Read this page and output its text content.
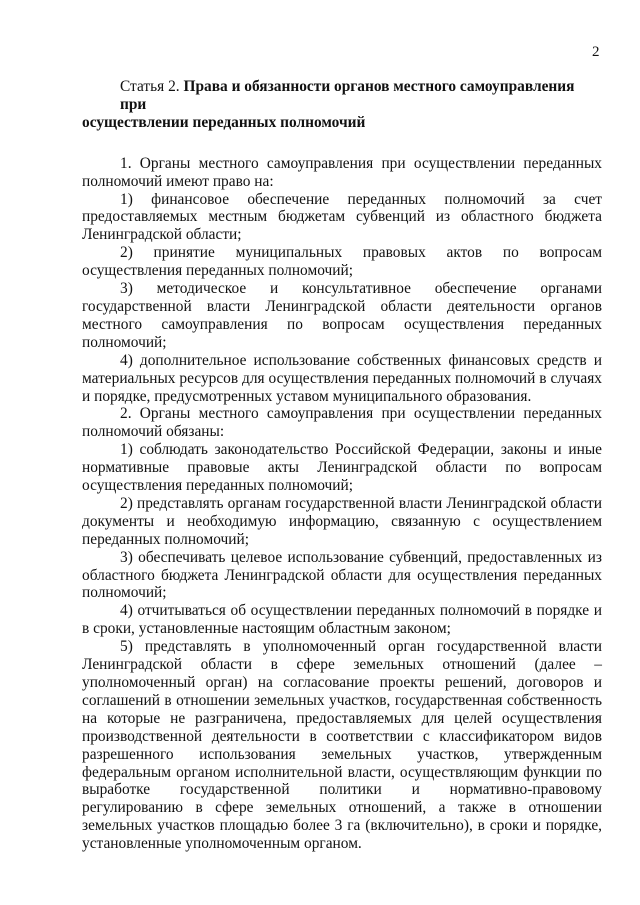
2

Статья 2. Права и обязанности органов местного самоуправления при
осуществлении переданных полномочий

1. Органы местного самоуправления при осуществлении переданных полномочий имеют право на:

1) финансовое обеспечение переданных полномочий за счет предоставляемых местным бюджетам субвенций из областного бюджета Ленинградской области;

2) принятие муниципальных правовых актов по вопросам осуществления переданных полномочий;

3) методическое и консультативное обеспечение органами государственной власти Ленинградской области деятельности органов местного самоуправления по вопросам осуществления переданных полномочий;

4) дополнительное использование собственных финансовых средств и материальных ресурсов для осуществления переданных полномочий в случаях и порядке, предусмотренных уставом муниципального образования.

2. Органы местного самоуправления при осуществлении переданных полномочий обязаны:

1) соблюдать законодательство Российской Федерации, законы и иные нормативные правовые акты Ленинградской области по вопросам осуществления переданных полномочий;

2) представлять органам государственной власти Ленинградской области документы и необходимую информацию, связанную с осуществлением переданных полномочий;

3) обеспечивать целевое использование субвенций, предоставленных из областного бюджета Ленинградской области для осуществления переданных полномочий;

4) отчитываться об осуществлении переданных полномочий в порядке и в сроки, установленные настоящим областным законом;

5) представлять в уполномоченный орган государственной власти Ленинградской области в сфере земельных отношений (далее – уполномоченный орган) на согласование проекты решений, договоров и соглашений в отношении земельных участков, государственная собственность на которые не разграничена, предоставляемых для целей осуществления производственной деятельности в соответствии с классификатором видов разрешенного использования земельных участков, утвержденным федеральным органом исполнительной власти, осуществляющим функции по выработке государственной политики и нормативно-правовому регулированию в сфере земельных отношений, а также в отношении земельных участков площадью более 3 га (включительно), в сроки и порядке, установленные уполномоченным органом.
